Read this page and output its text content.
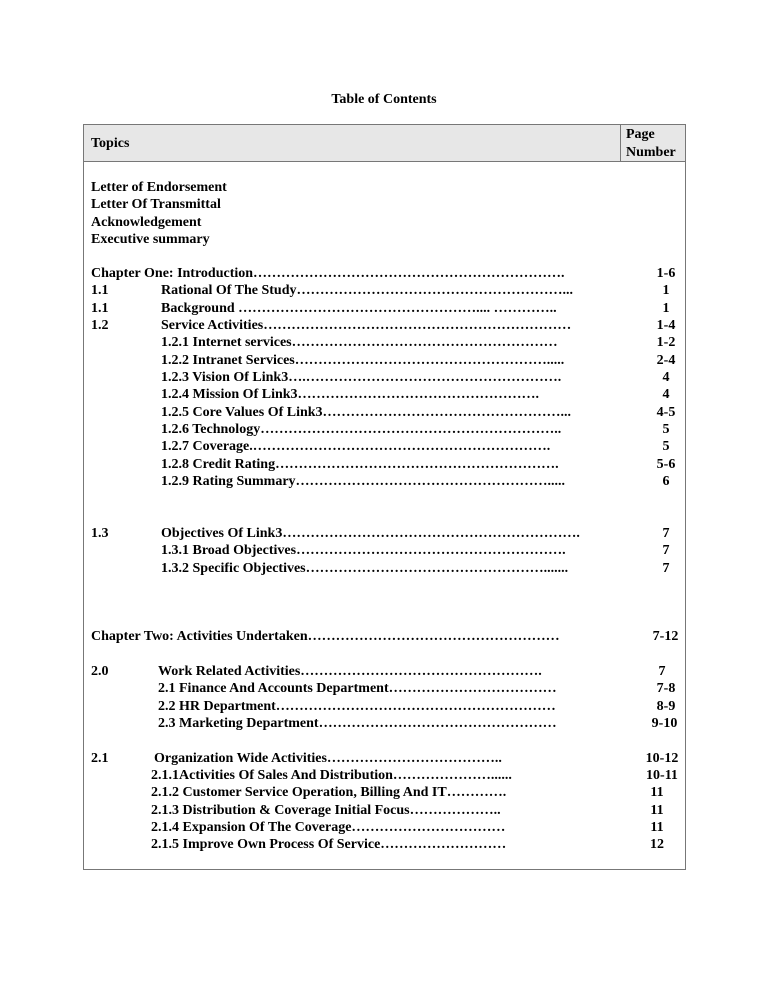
Table of Contents
Topics
Page Number
Letter of Endorsement
Letter Of Transmittal
Acknowledgement
Executive summary
Chapter One: Introduction………………………………………………………….	1-6
1.1	Rational Of The Study…………………………………………………...	1
1.1	Background …………………………………………….... …………..	1
1.2	Service Activities…………………………………………………………	1-4
1.2.1 Internet services…………………………………………………	1-2
1.2.2 Intranet Services……………………………………………….....	2-4
1.2.3 Vision Of Link3….……………………………………………….	4
1.2.4 Mission Of Link3…………………………………………….	4
1.2.5 Core Values Of Link3……………………………………………...	4-5
1.2.6 Technology………………………………………………………..	5
1.2.7 Coverage.……………………………………………………….	5
1.2.8 Credit Rating…………………………………………………….	5-6
1.2.9 Rating Summary……………………………………………….....	6
1.3	Objectives Of Link3……………………………………………………….	7
1.3.1 Broad Objectives………………………………………………….	7
1.3.2 Specific Objectives…………………………………………….......	7
Chapter Two: Activities Undertaken………………………………………………	7-12
2.0	Work Related Activities…………………………………………….	7
2.1 Finance And Accounts Department………………………………	7-8
2.2 HR Department……………………………………………………	8-9
2.3 Marketing Department……………………………………………	9-10
2.1	Organization Wide Activities………………………………..	10-12
2.1.1Activities Of Sales And Distribution…………………......	10-11
2.1.2 Customer Service Operation, Billing And IT………….	11
2.1.3 Distribution & Coverage Initial Focus………………..	11
2.1.4 Expansion Of The Coverage……………………………	11
2.1.5 Improve Own Process Of Service………………………	12
